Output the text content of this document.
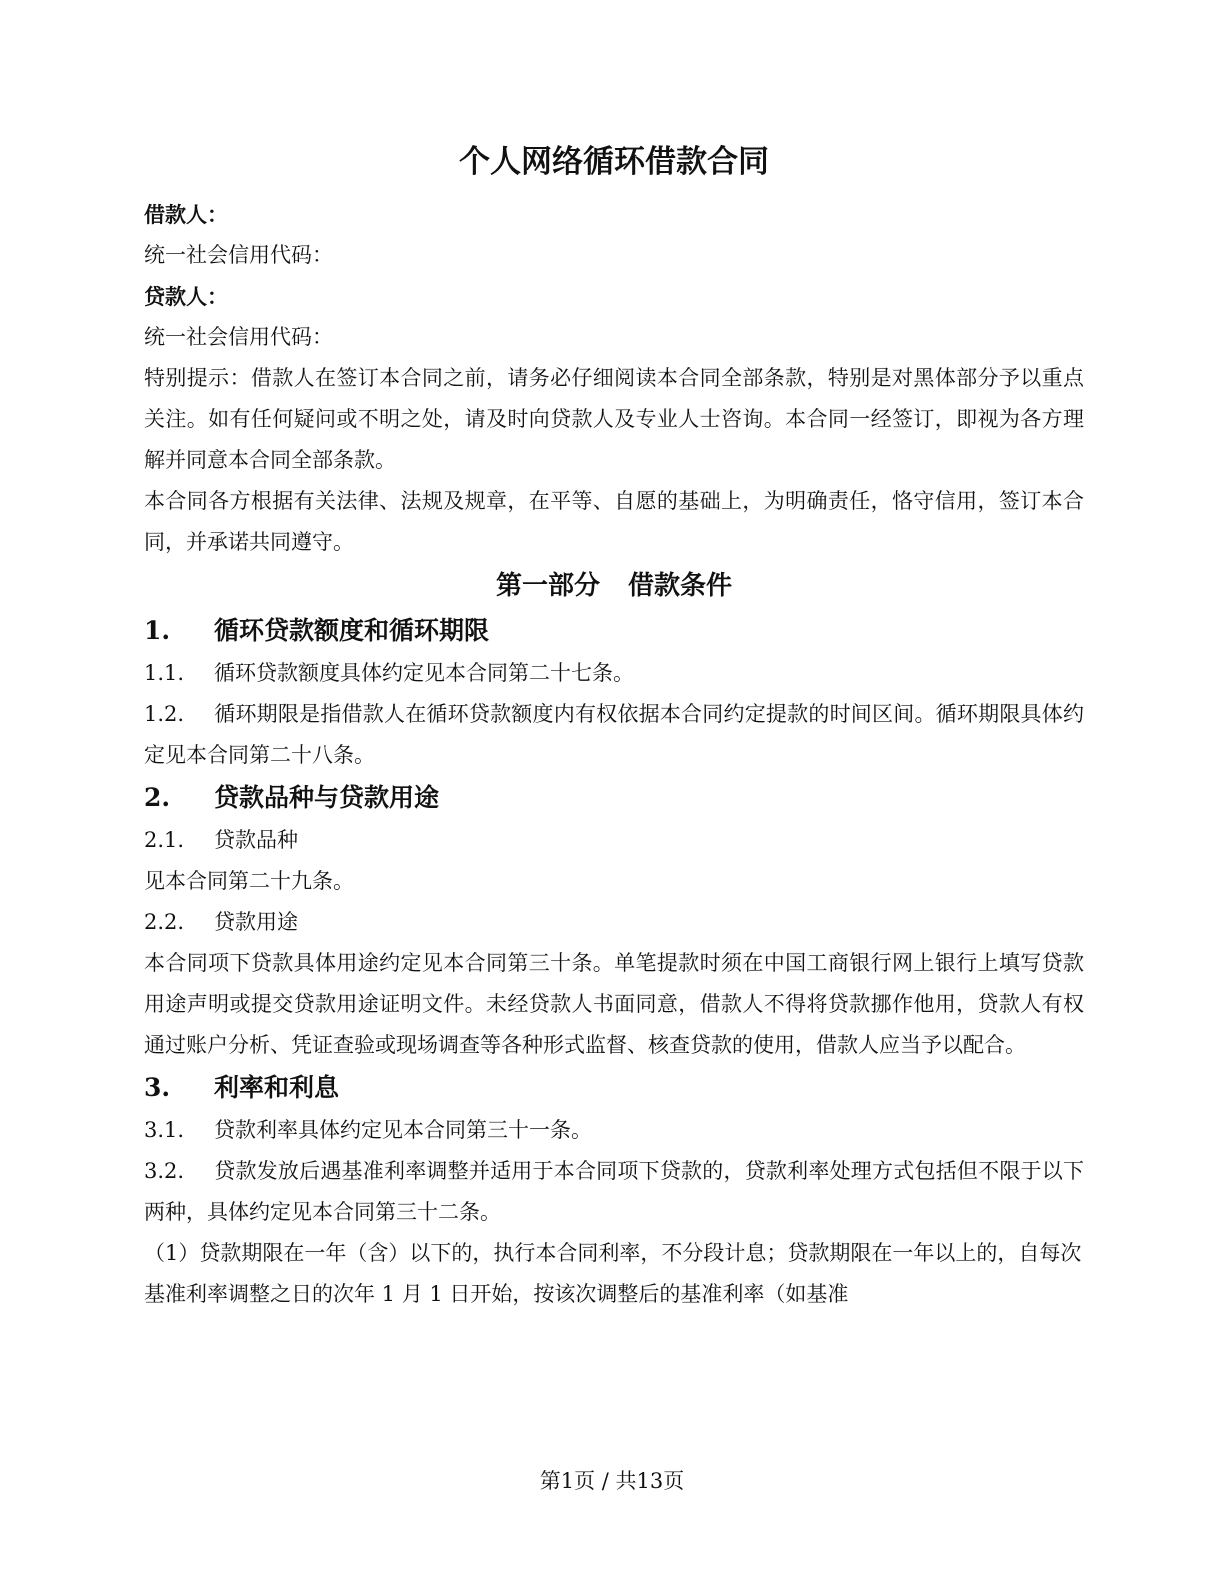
个人网络循环借款合同

借款人：

统一社会信用代码：

贷款人：

统一社会信用代码：

特别提示：借款人在签订本合同之前，请务必仔细阅读本合同全部条款，特别是对黑体部分予以重点关注。如有任何疑问或不明之处，请及时向贷款人及专业人士咨询。本合同一经签订，即视为各方理解并同意本合同全部条款。

本合同各方根据有关法律、法规及规章，在平等、自愿的基础上，为明确责任，恪守信用，签订本合同，并承诺共同遵守。

第一部分 借款条件
1. 循环贷款额度和循环期限

1.1. 循环贷款额度具体约定见本合同第二十七条。

1.2. 循环期限是指借款人在循环贷款额度内有权依据本合同约定提款的时间区间。循环期限具体约定见本合同第二十八条。

2. 贷款品种与贷款用途

2.1. 贷款品种

见本合同第二十九条。

2.2. 贷款用途

本合同项下贷款具体用途约定见本合同第三十条。单笔提款时须在中国工商银行网上银行上填写贷款用途声明或提交贷款用途证明文件。未经贷款人书面同意，借款人不得将贷款挪作他用，贷款人有权通过账户分析、凭证查验或现场调查等各种形式监督、核查贷款的使用，借款人应当予以配合。

3. 利率和利息

3.1. 贷款利率具体约定见本合同第三十一条。

3.2. 贷款发放后遇基准利率调整并适用于本合同项下贷款的，贷款利率处理方式包括但不限于以下两种，具体约定见本合同第三十二条。

（1）贷款期限在一年（含）以下的，执行本合同利率，不分段计息；贷款期限在一年以上的，自每次基准利率调整之日的次年 1 月 1 日开始，按该次调整后的基准利率（如基准

第1页 / 共13页
